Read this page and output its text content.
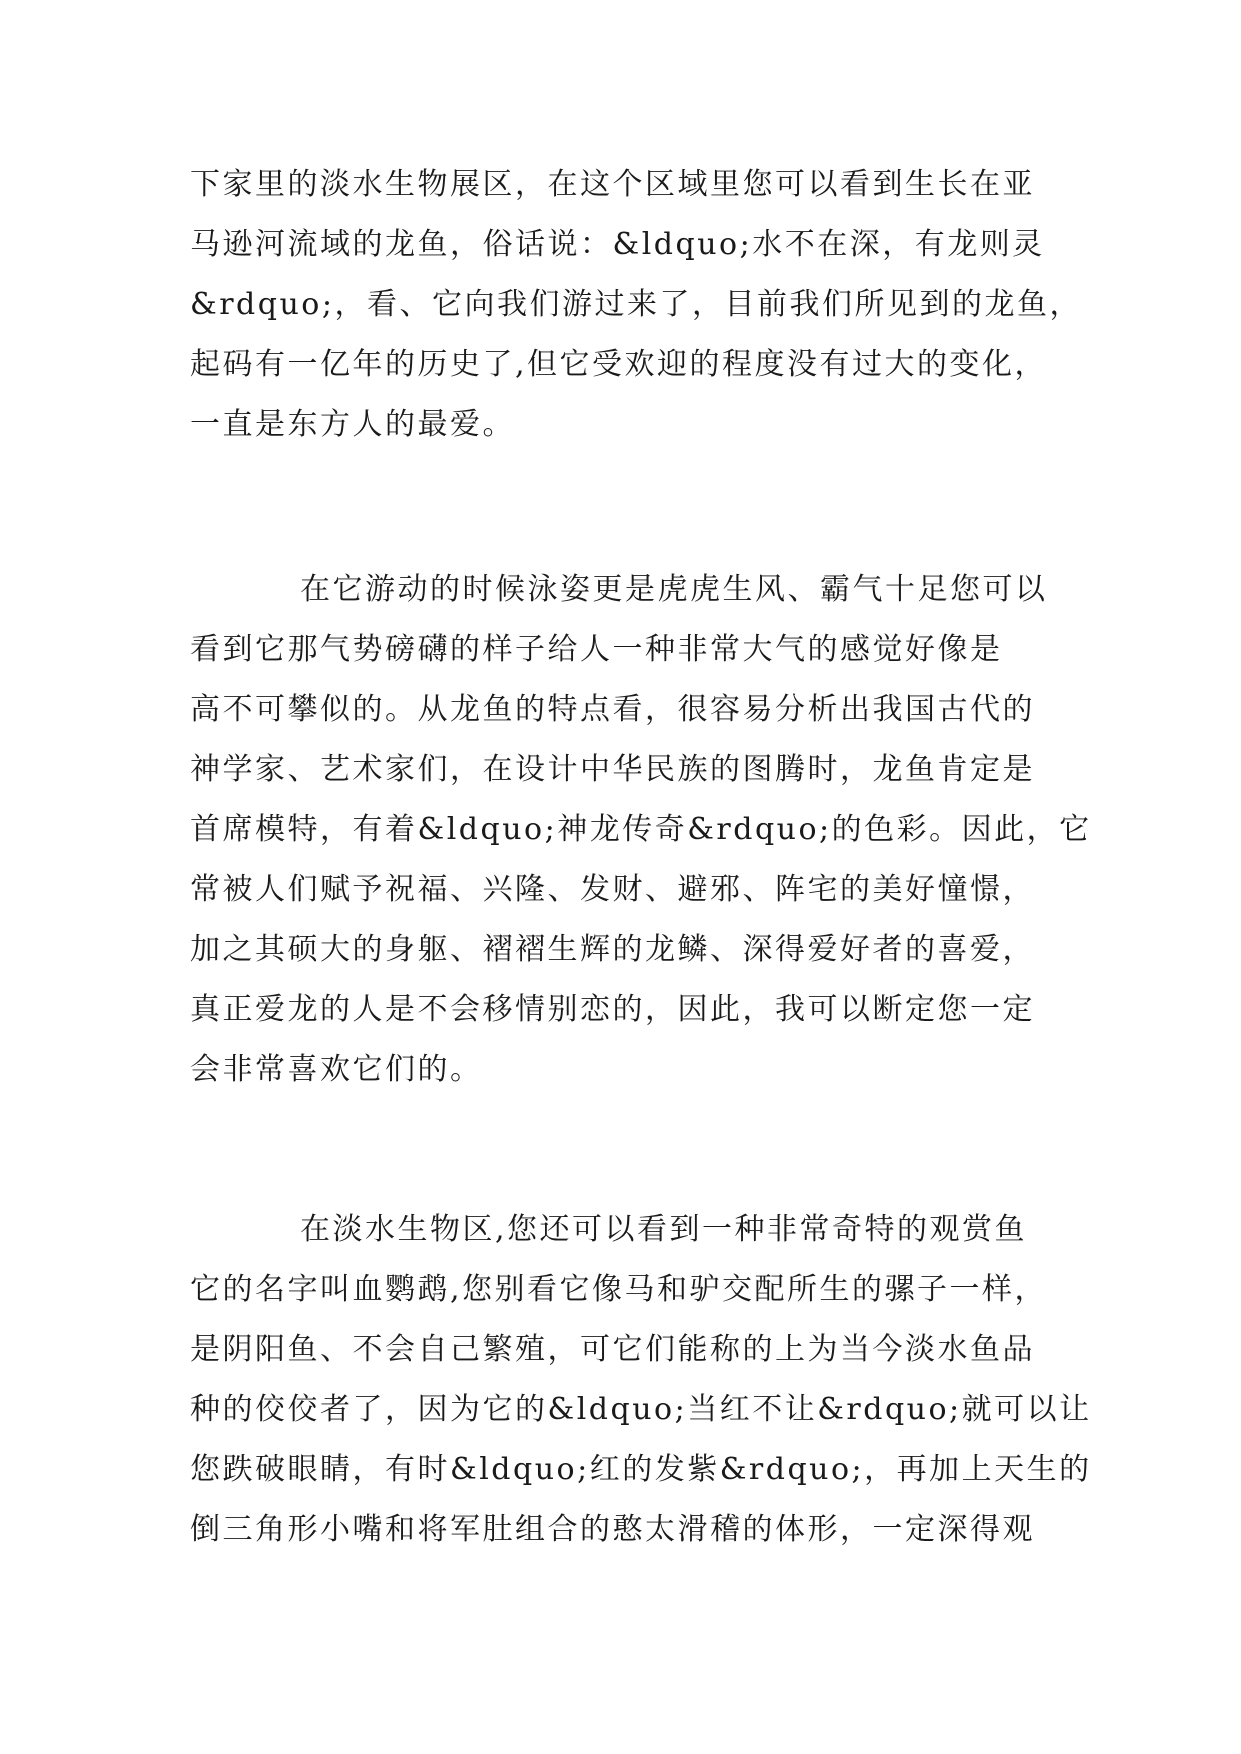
下家里的淡水生物展区，在这个区域里您可以看到生长在亚
马逊河流域的龙鱼，俗话说：&ldquo;水不在深，有龙则灵
&rdquo;，看、它向我们游过来了，目前我们所见到的龙鱼，
起码有一亿年的历史了,但它受欢迎的程度没有过大的变化，
一直是东方人的最爱。
在它游动的时候泳姿更是虎虎生风、霸气十足您可以
看到它那气势磅礴的样子给人一种非常大气的感觉好像是
高不可攀似的。从龙鱼的特点看，很容易分析出我国古代的
神学家、艺术家们，在设计中华民族的图腾时，龙鱼肯定是
首席模特，有着&ldquo;神龙传奇&rdquo;的色彩。因此，它
常被人们赋予祝福、兴隆、发财、避邪、阵宅的美好憧憬，
加之其硕大的身躯、褶褶生辉的龙鳞、深得爱好者的喜爱，
真正爱龙的人是不会移情别恋的，因此，我可以断定您一定
会非常喜欢它们的。
在淡水生物区,您还可以看到一种非常奇特的观赏鱼
它的名字叫血鹦鹉,您别看它像马和驴交配所生的骡子一样，
是阴阳鱼、不会自己繁殖，可它们能称的上为当今淡水鱼品
种的佼佼者了，因为它的&ldquo;当红不让&rdquo;就可以让
您跌破眼睛，有时&ldquo;红的发紫&rdquo;，再加上天生的
倒三角形小嘴和将军肚组合的憨太滑稽的体形，一定深得观
